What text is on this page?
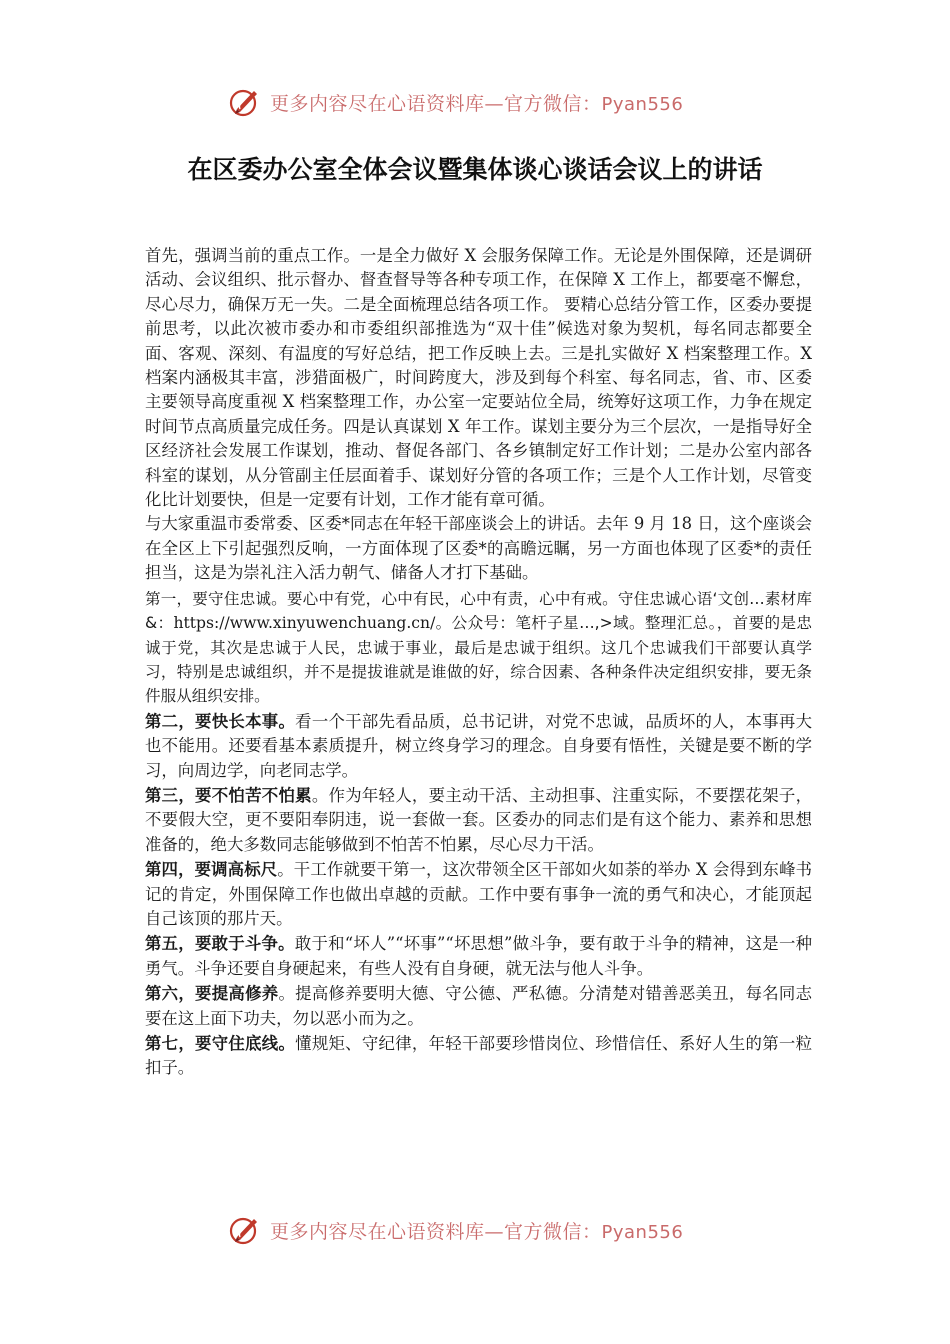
更多内容尽在心语资料库—官方微信：Pyan556
在区委办公室全体会议暨集体谈心谈话会议上的讲话

首先，强调当前的重点工作。一是全力做好 X 会服务保障工作。无论是外围保障，还是调研活动、会议组织、批示督办、督查督导等各种专项工作，在保障 X 工作上，都要毫不懈怠，尽心尽力，确保万无一失。二是全面梳理总结各项工作。 要精心总结分管工作，区委办要提前思考，以此次被市委办和市委组织部推选为“双十佳”候选对象为契机，每名同志都要全面、客观、深刻、有温度的写好总结，把工作反映上去。三是扎实做好 X 档案整理工作。X 档案内涵极其丰富，涉猎面极广，时间跨度大，涉及到每个科室、每名同志，省、市、区委主要领导高度重视 X 档案整理工作，办公室一定要站位全局，统筹好这项工作，力争在规定时间节点高质量完成任务。四是认真谋划 X 年工作。谋划主要分为三个层次，一是指导好全区经济社会发展工作谋划，推动、督促各部门、各乡镇制定好工作计划；二是办公室内部各科室的谋划，从分管副主任层面着手、谋划好分管的各项工作；三是个人工作计划，尽管变化比计划要快，但是一定要有计划，工作才能有章可循。

与大家重温市委常委、区委*同志在年轻干部座谈会上的讲话。去年 9 月 18 日，这个座谈会在全区上下引起强烈反响，一方面体现了区委*的高瞻远瞩，另一方面也体现了区委*的责任担当，这是为崇礼注入活力朝气、储备人才打下基础。

第一，要守住忠诚。要心中有党，心中有民，心中有责，心中有戒。守住忠诚心语‘文创…素材库&：https://www.xinyuwenchuang.cn/。公众号：笔杆子星…,>域。整理汇总。，首要的是忠诚于党，其次是忠诚于人民，忠诚于事业，最后是忠诚于组织。这几个忠诚我们干部要认真学习，特别是忠诚组织，并不是提拔谁就是谁做的好，综合因素、各种条件决定组织安排，要无条件服从组织安排。

第二，要快长本事。看一个干部先看品质，总书记讲，对党不忠诚，品质坏的人，本事再大也不能用。还要看基本素质提升，树立终身学习的理念。自身要有悟性，关键是要不断的学习，向周边学，向老同志学。

第三，要不怕苦不怕累。作为年轻人，要主动干活、主动担事、注重实际，不要摆花架子，不要假大空，更不要阳奉阴违，说一套做一套。区委办的同志们是有这个能力、素养和思想准备的，绝大多数同志能够做到不怕苦不怕累，尽心尽力干活。

第四，要调高标尺。干工作就要干第一，这次带领全区干部如火如荼的举办 X 会得到东峰书记的肯定，外围保障工作也做出卓越的贡献。工作中要有事争一流的勇气和决心，才能顶起自己该顶的那片天。

第五，要敢于斗争。敢于和“坏人”“坏事”“坏思想”做斗争，要有敢于斗争的精神，这是一种勇气。斗争还要自身硬起来，有些人没有自身硬，就无法与他人斗争。

第六，要提高修养。提高修养要明大德、守公德、严私德。分清楚对错善恶美丑，每名同志要在这上面下功夫，勿以恶小而为之。

第七，要守住底线。懂规矩、守纪律，年轻干部要珍惜岗位、珍惜信任、系好人生的第一粒扣子。

更多内容尽在心语资料库—官方微信：Pyan556
